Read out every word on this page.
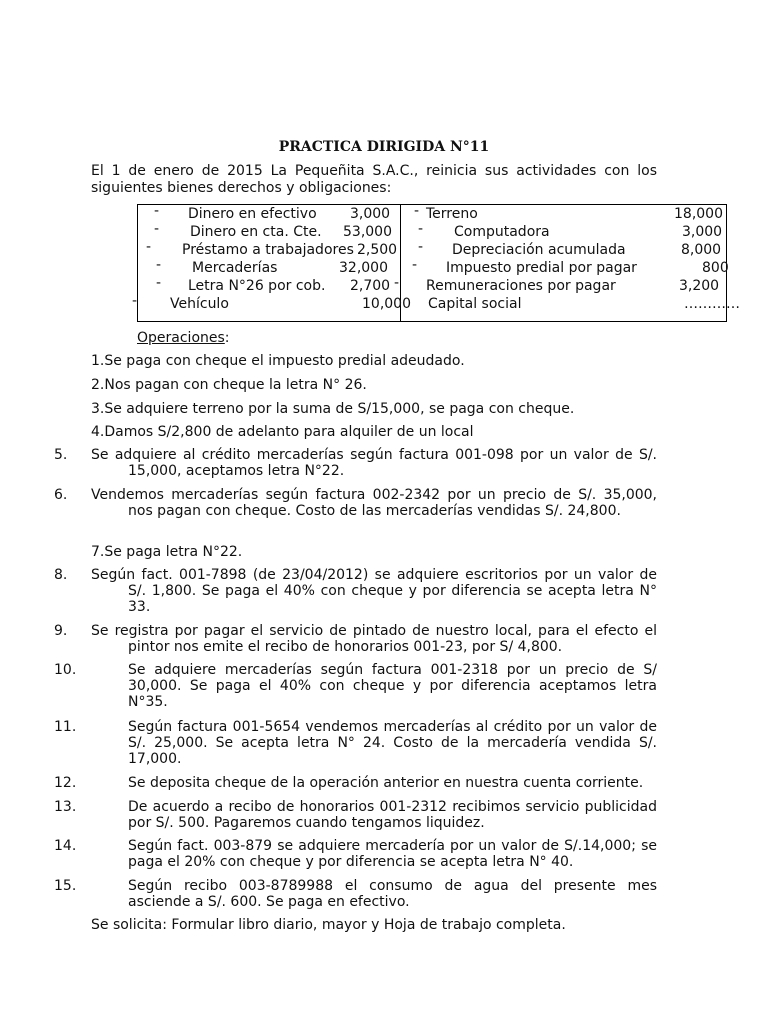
PRACTICA DIRIGIDA N°11
El 1 de enero de 2015 La Pequeñita S.A.C., reinicia sus actividades con los siguientes bienes derechos y obligaciones:
- Dinero en efectivo 3,000
- Dinero en cta. Cte. 53,000
- Préstamo a trabajadores 2,500
- Mercaderías	32,000
- Letra N°26 por cob. 2,700
- Vehículo	10,000
- Terreno	18,000
- Computadora	3,000
- Depreciación acumulada	8,000
- Impuesto predial por pagar	800
- Remuneraciones por pagar	3,200
Capital social	…………
Operaciones:
1.Se paga con cheque el impuesto predial adeudado.
2.Nos pagan con cheque la letra N° 26.
3.Se adquiere terreno por la suma de S/15,000, se paga con cheque.
4.Damos S/2,800 de adelanto para alquiler de un local
5.Se adquiere al crédito mercaderías según factura 001-098 por un valor de S/. 15,000, aceptamos letra N°22.
6.Vendemos mercaderías según factura 002-2342 por un precio de S/. 35,000, nos pagan con cheque. Costo de las mercaderías vendidas S/. 24,800.
7.Se paga letra N°22.
8.Según fact. 001-7898 (de 23/04/2012) se adquiere escritorios por un valor de S/. 1,800. Se paga el 40% con cheque y por diferencia se acepta letra N° 33.
9.Se registra por pagar el servicio de pintado de nuestro local, para el efecto el pintor nos emite el recibo de honorarios 001-23, por S/ 4,800.
10.	Se adquiere mercaderías según factura 001-2318 por un precio de S/ 30,000. Se paga el 40% con cheque y por diferencia aceptamos letra N°35.
11.	Según factura 001-5654 vendemos mercaderías al crédito por un valor de S/. 25,000. Se acepta letra N° 24. Costo de la mercadería vendida S/. 17,000.
12.	Se deposita cheque de la operación anterior en nuestra cuenta corriente.
13.	De acuerdo a recibo de honorarios 001-2312 recibimos servicio publicidad por S/. 500. Pagaremos cuando tengamos liquidez.
14.	Según fact. 003-879 se adquiere mercadería por un valor de S/.14,000; se paga el 20% con cheque y por diferencia se acepta letra N° 40.
15.	Según recibo 003-8789988 el consumo de agua del presente mes asciende a S/. 600. Se paga en efectivo.
Se solicita: Formular libro diario, mayor y Hoja de trabajo completa.
